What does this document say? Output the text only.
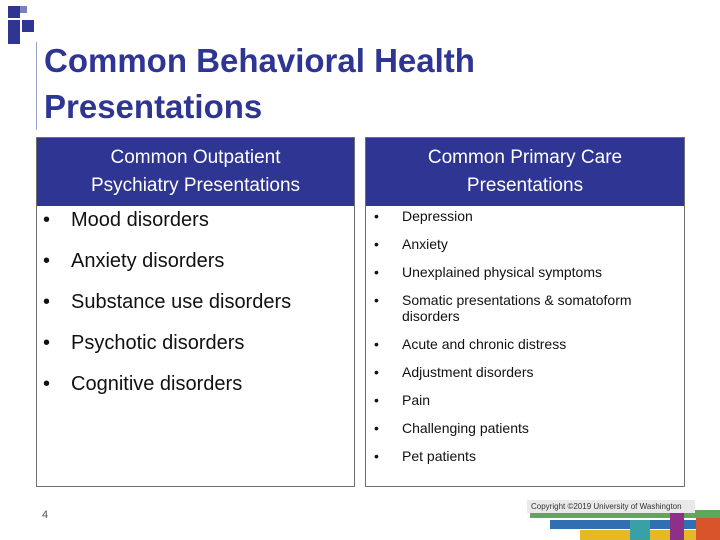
Common Behavioral Health
Presentations
Common Outpatient
Psychiatry Presentations
•	Mood disorders
•	Anxiety disorders
•	Substance use disorders
•	Psychotic disorders
•	Cognitive disorders
Common Primary Care
Presentations
•	Depression
•	Anxiety
•	Unexplained physical symptoms
•	Somatic presentations & somatoform disorders
•	Acute and chronic distress
•	Adjustment disorders
•	Pain
•	Challenging patients
•	Pet patients
4
Copyright ©2019 University of Washington
